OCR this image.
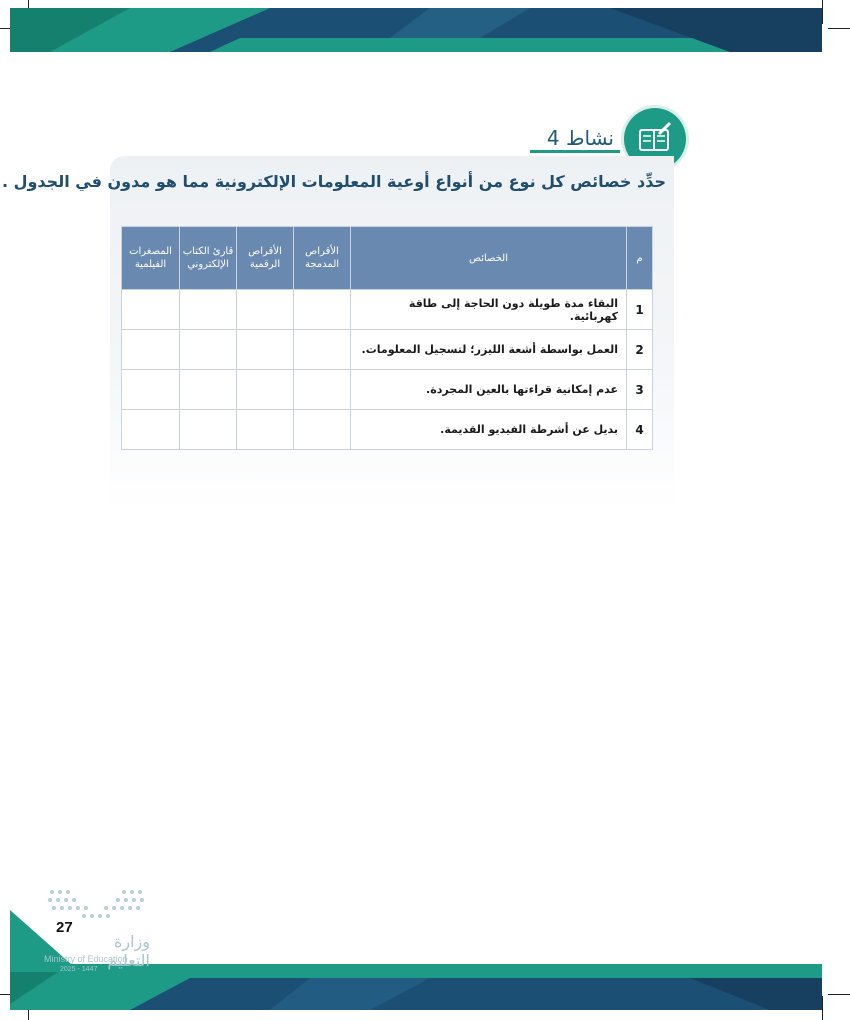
نشاط 4
حدِّد خصائص كل نوع من أنواع أوعية المعلومات الإلكترونية مما هو مدون في الجدول .
م	الخصائص	الأقراص المدمجة	الأقراص الرقمية	قارئ الكتاب الإلكتروني	المصغرات الفيلمية
1	البقاء مدة طويلة دون الحاجة إلى طاقة كهربائية.				
2	العمل بواسطة أشعة الليزر؛ لتسجيل المعلومات.				
3	عدم إمكانية قراءتها بالعين المجردة.				
4	بديل عن أشرطة الفيديو القديمة.				
27
وزارة التعليم
Ministry of Education
2025 - 1447
